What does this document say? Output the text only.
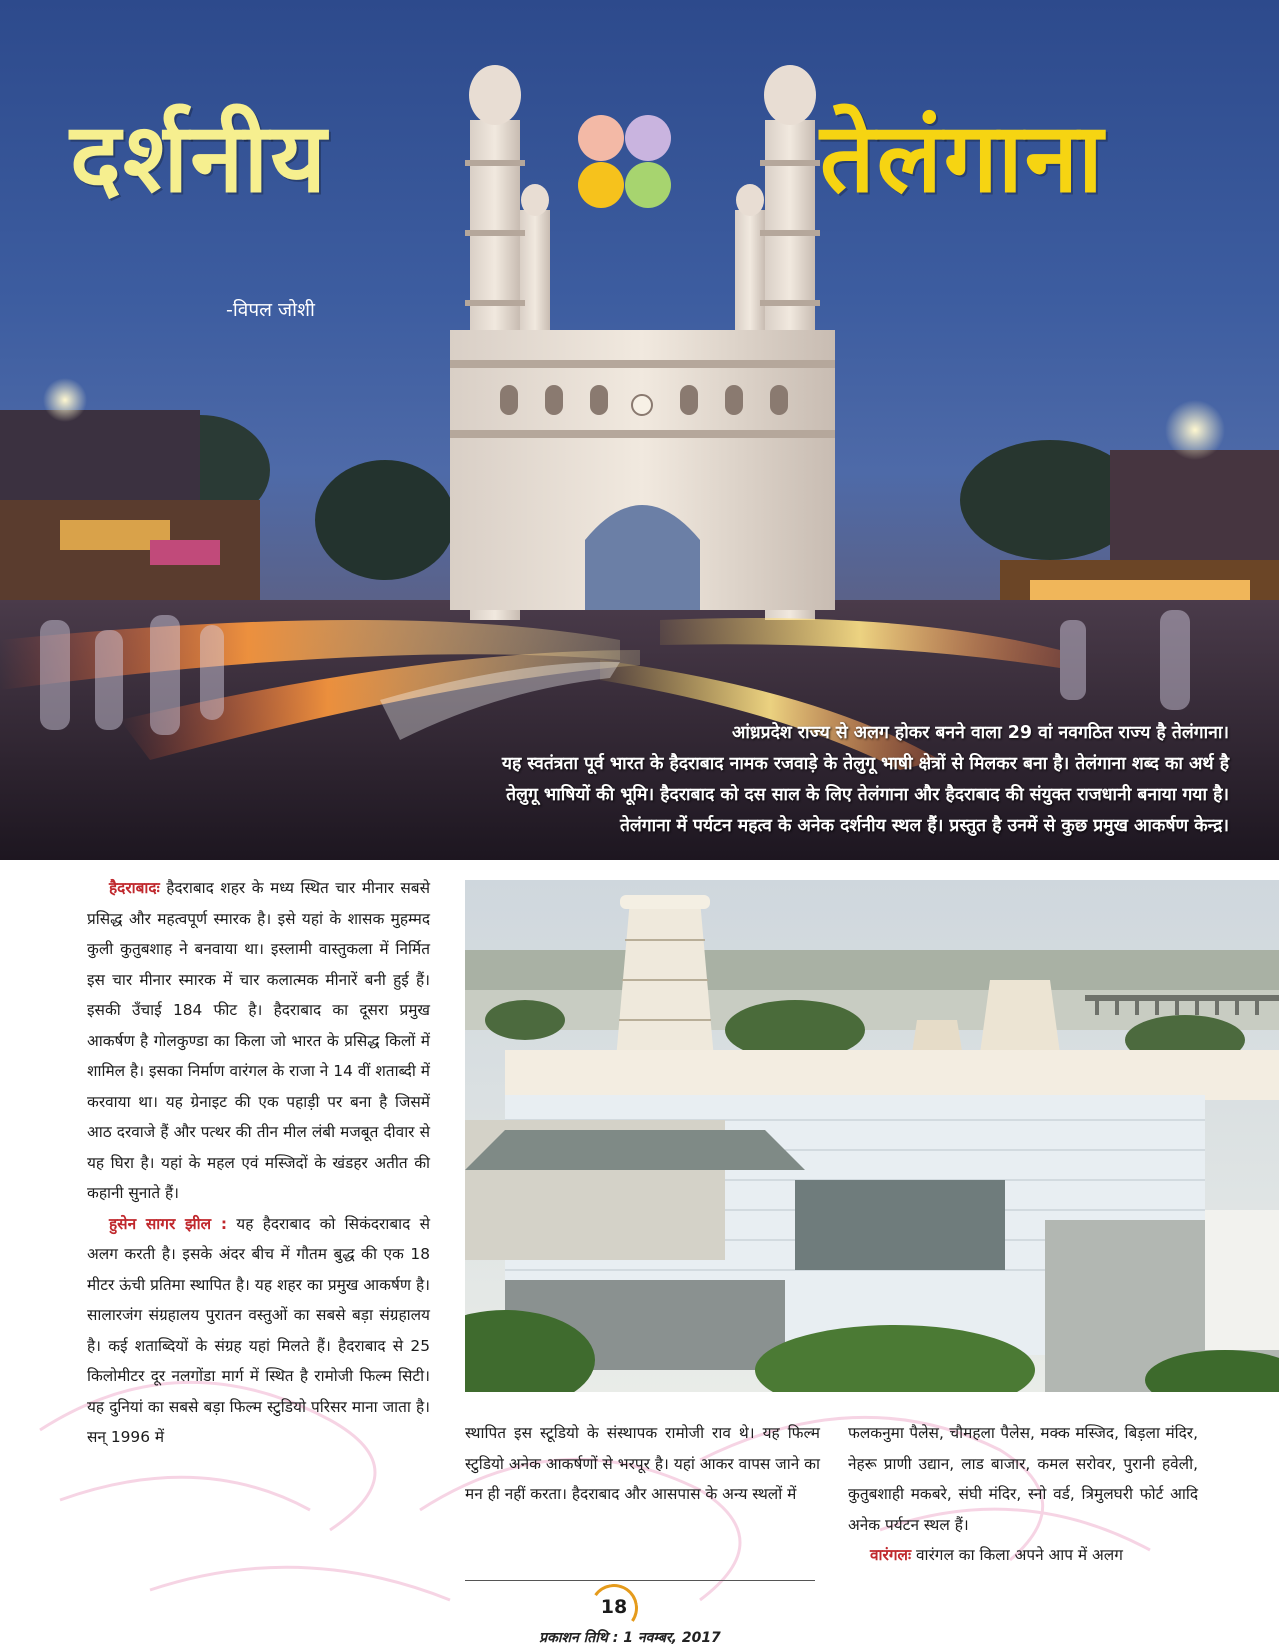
दर्शनीय	तेलंगाना
-विपल जोशी

आंध्रप्रदेश राज्य से अलग होकर बनने वाला 29 वां नवगठित राज्य है तेलंगाना।

यह स्वतंत्रता पूर्व भारत के हैदराबाद नामक रजवाड़े के तेलुगू भाषी क्षेत्रों से मिलकर बना है। तेलंगाना शब्द का अर्थ है

तेलुगू भाषियों की भूमि। हैदराबाद को दस साल के लिए तेलंगाना और हैदराबाद की संयुक्त राजधानी बनाया गया है।

तेलंगाना में पर्यटन महत्व के अनेक दर्शनीय स्थल हैं। प्रस्तुत है उनमें से कुछ प्रमुख आकर्षण केन्द्र।

हैदराबादः हैदराबाद शहर के मध्य स्थित चार मीनार सबसे प्रसिद्ध और महत्वपूर्ण स्मारक है। इसे यहां के शासक मुहम्मद कुली कुतुबशाह ने बनवाया था। इस्लामी वास्तुकला में निर्मित इस चार मीनार स्मारक में चार कलात्मक मीनारें बनी हुई हैं। इसकी उँचाई 184 फीट है। हैदराबाद का दूसरा प्रमुख आकर्षण है गोलकुण्डा का किला जो भारत के प्रसिद्ध किलों में शामिल है। इसका निर्माण वारंगल के राजा ने 14 वीं शताब्दी में करवाया था। यह ग्रेनाइट की एक पहाड़ी पर बना है जिसमें आठ दरवाजे हैं और पत्थर की तीन मील लंबी मजबूत दीवार से यह घिरा है। यहां के महल एवं मस्जिदों के खंडहर अतीत की कहानी सुनाते हैं।

हुसेन सागर झील : यह हैदराबाद को सिकंदराबाद से अलग करती है। इसके अंदर बीच में गौतम बुद्ध की एक 18 मीटर ऊंची प्रतिमा स्थापित है। यह शहर का प्रमुख आकर्षण है। सालारजंग संग्रहालय पुरातन वस्तुओं का सबसे बड़ा संग्रहालय है। कई शताब्दियों के संग्रह यहां मिलते हैं। हैदराबाद से 25 किलोमीटर दूर नलगोंडा मार्ग में स्थित है रामोजी फिल्म सिटी। यह दुनियां का सबसे बड़ा फिल्म स्टुडियो परिसर माना जाता है। सन् 1996 में	स्थापित इस स्टूडियो के संस्थापक रामोजी राव थे। यह फिल्म स्टुडियो अनेक आकर्षणों से भरपूर है। यहां आकर वापस जाने का मन ही नहीं करता। हैदराबाद और आसपास के अन्य स्थलों में

फलकनुमा पैलेस, चौमहला पैलेस, मक्क मस्जिद, बिड़ला मंदिर, नेहरू प्राणी उद्यान, लाड बाजार, कमल सरोवर, पुरानी हवेली, कुतुबशाही मकबरे, संघी मंदिर, स्नो वर्ड, त्रिमुलघरी फोर्ट आदि अनेक पर्यटन स्थल हैं।

वारंगलः वारंगल का किला अपने आप में अलग

18
प्रकाशन तिथि : 1 नवम्बर, 2017
